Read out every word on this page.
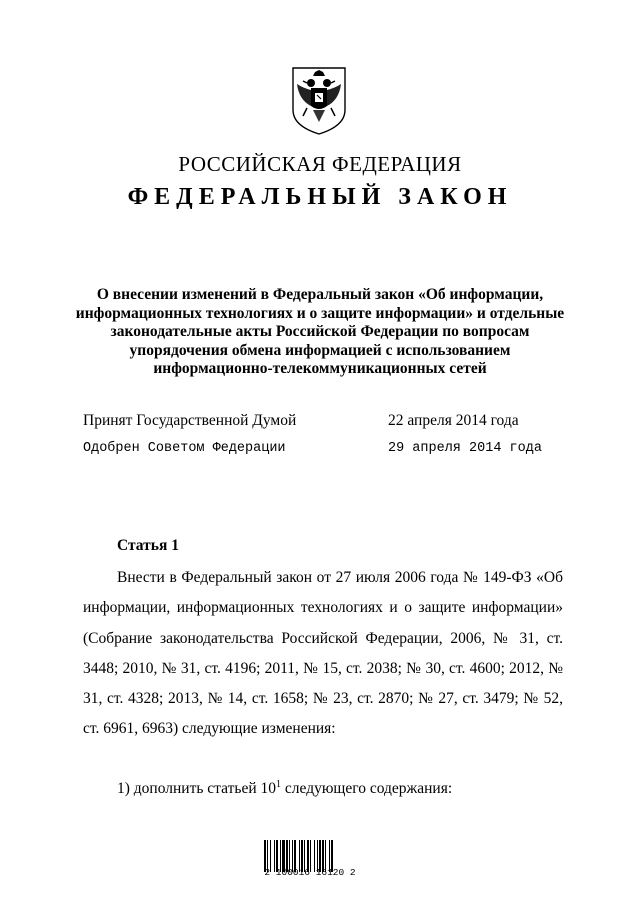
РОССИЙСКАЯ ФЕДЕРАЦИЯ
ФЕДЕРАЛЬНЫЙ ЗАКОН
О внесении изменений в Федеральный закон «Об информации,
информационных технологиях и о защите информации» и отдельные
законодательные акты Российской Федерации по вопросам
упорядочения обмена информацией с использованием
информационно-телекоммуникационных сетей
Принят Государственной Думой	22 апреля 2014 года
Одобрен Советом Федерации	29 апреля 2014 года
Статья 1
Внести в Федеральный закон от 27 июля 2006 года № 149-ФЗ «Об информации, информационных технологиях и о защите информации» (Собрание законодательства Российской Федерации, 2006, № 31, ст. 3448; 2010, № 31, ст. 4196; 2011, № 15, ст. 2038; № 30, ст. 4600; 2012, № 31, ст. 4328; 2013, № 14, ст. 1658; № 23, ст. 2870; № 27, ст. 3479; № 52, ст. 6961, 6963) следующие изменения:
1) дополнить статьей $10^1$ следующего содержания:
2 100016 16120 2
